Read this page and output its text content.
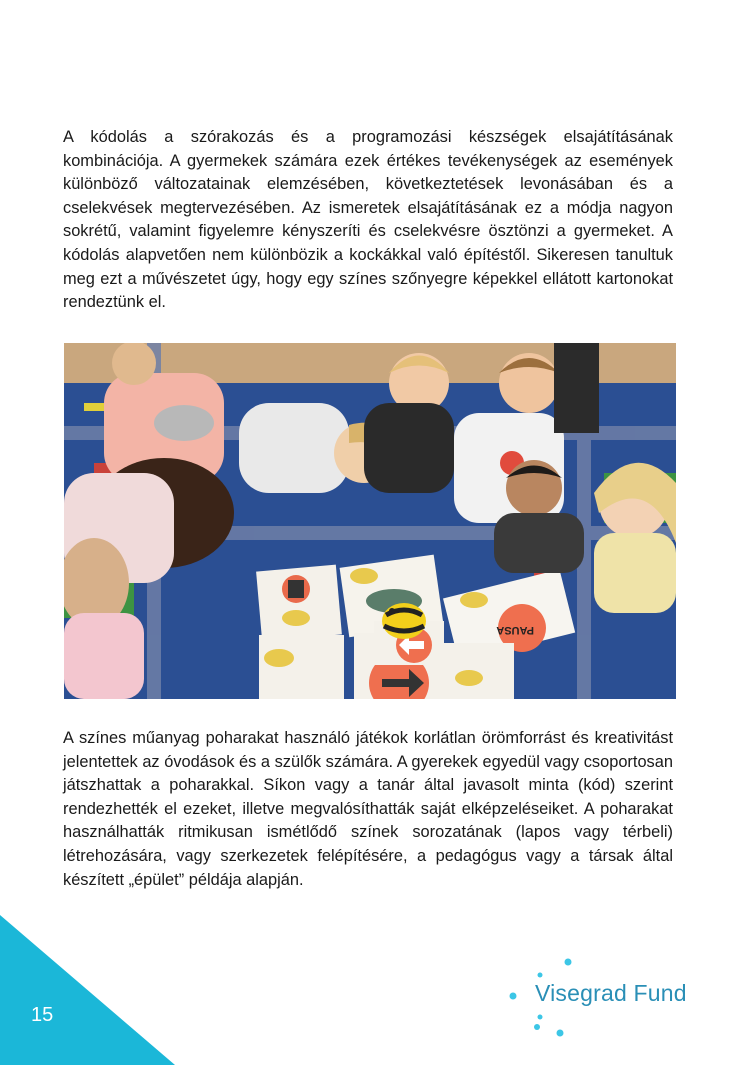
A kódolás a szórakozás és a programozási készségek elsajátításának kombinációja. A gyermekek számára ezek értékes tevékenységek az események különböző változatainak elemzésében, következtetések levonásában és a cselekvések megtervezésében. Az ismeretek elsajátításának ez a módja nagyon sokrétű, valamint figyelemre kényszeríti és cselekvésre ösztönzi a gyermeket. A kódolás alapvetően nem különbözik a kockákkal való építéstől. Sikeresen tanultuk meg ezt a művészetet úgy, hogy egy színes szőnyegre képekkel ellátott kartonokat rendeztünk el.

PAUSA

A színes műanyag poharakat használó játékok korlátlan örömforrást és kreativitást jelentettek az óvodások és a szülők számára. A gyerekek egyedül vagy csoportosan játszhattak a poharakkal. Síkon vagy a tanár által javasolt minta (kód) szerint rendezhették el ezeket, illetve megvalósíthatták saját elképzeléseiket. A poharakat használhatták ritmikusan ismétlődő színek sorozatának (lapos vagy térbeli) létrehozására, vagy szerkezetek felépítésére, a pedagógus vagy a társak által készített „épület” példája alapján.

15
Visegrad Fund
